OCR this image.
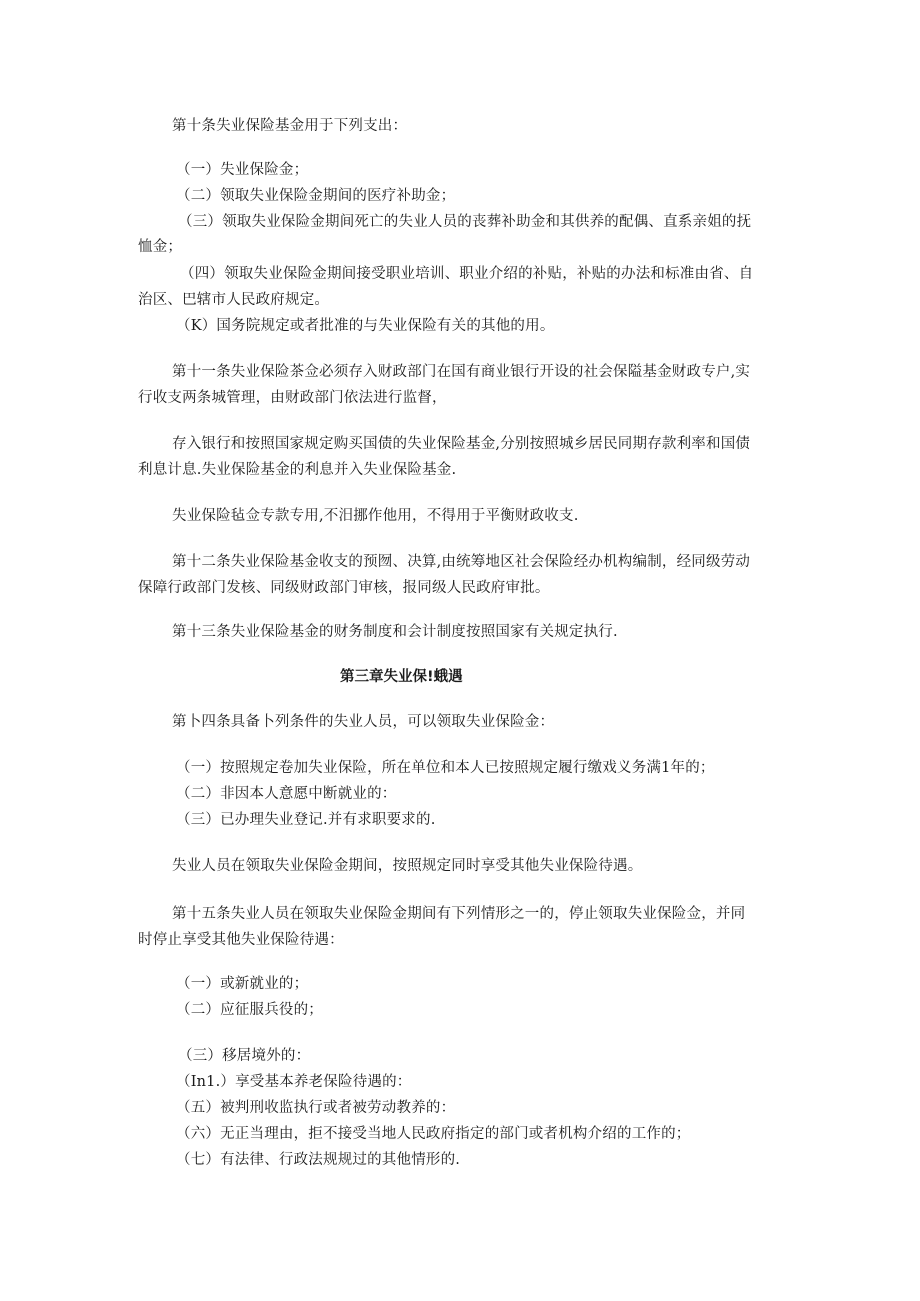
第十条失业保险基金用于下列支出：
（一）失业保险金；
（二）领取失业保险金期间的医疗补助金；
（三）领取失业保险金期间死亡的失业人员的丧葬补助金和其供养的配偶、直系亲姐的抚
恤金；
（四）领取失业保险金期间接受职业培训、职业介绍的补贴，补贴的办法和标准由省、自
治区、巴辖市人民政府规定。
（K）国务院规定或者批准的与失业保险有关的其他的用。
第十一条失业保险茶佥必须存入财政部门在国有商业银行开设的社会保隘基金财政专户,实
行收支两条城管理，由财政部门依法进行监督，
存入银行和按照国家规定购买国债的失业保险基金,分别按照城乡居民同期存款利率和国债
利息计息.失业保险基金的利息并入失业保险基金.
失业保险毡佥专款专用,不汨挪作他用，不得用于平衡财政收支.
第十二条失业保险基金收支的预囫、决算,由统筹地区社会保险经办机构编制，经同级劳动
保障行政部门发核、同级财政部门审核，报同级人民政府审批。
第十三条失业保险基金的财务制度和会计制度按照国家有关规定执行.
第三章失业保!蛾遇
第卜四条具备卜列条件的失业人员，可以领取失业保险金：
（一）按照规定卷加失业保险，所在单位和本人已按照规定履行缴戏义务满1年的；
（二）非因本人意愿中断就业的：
（三）已办理失业登记.并有求职要求的.
失业人员在领取失业保险金期间，按照规定同时享受其他失业保险待遇。
第十五条失业人员在领取失业保险金期间有下列情形之一的，停止领取失业保险佥，并同
时停止享受其他失业保险待遇：
（一）或新就业的；
（二）应征服兵役的；
（三）移居境外的：
（In1.）享受基本养老保险待遇的：
（五）被判刑收监执行或者被劳动教养的：
（六）无正当理由，拒不接受当地人民政府指定的部门或者机构介绍的工作的；
（七）有法律、行政法规规过的其他情形的.
